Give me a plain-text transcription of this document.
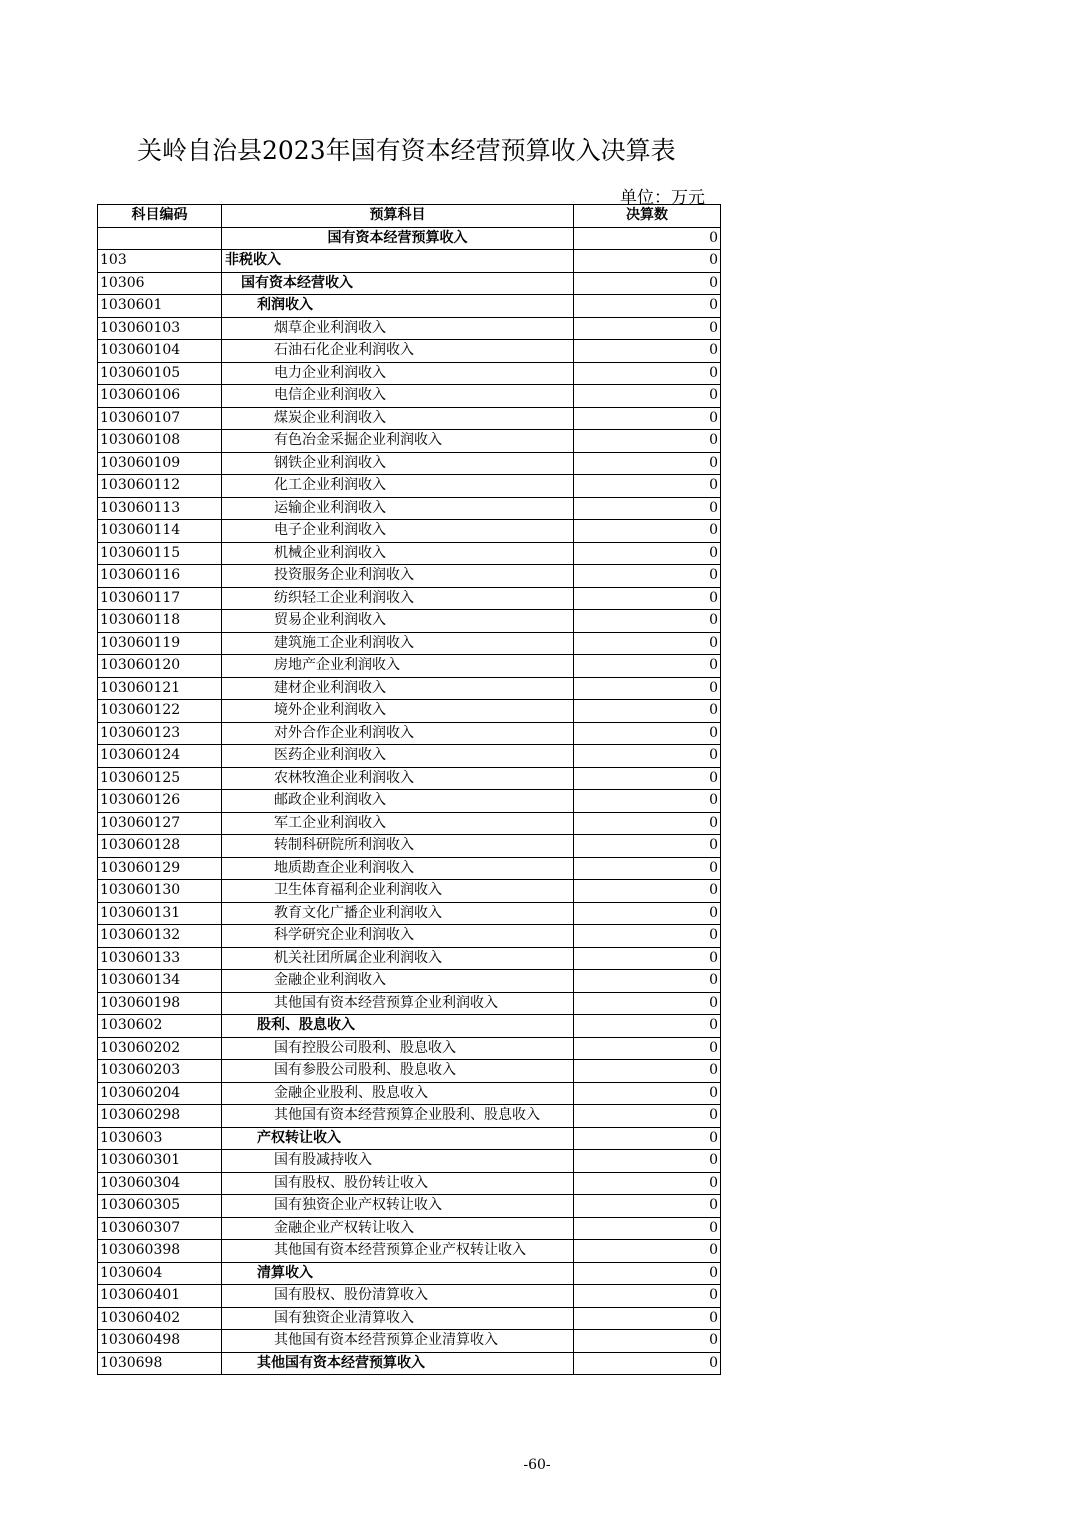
关岭自治县2023年国有资本经营预算收入决算表
单位：万元
科目编码	预算科目	决算数
	国有资本经营预算收入	0
103	非税收入	0
10306	国有资本经营收入	0
1030601	利润收入	0
103060103	烟草企业利润收入	0
103060104	石油石化企业利润收入	0
103060105	电力企业利润收入	0
103060106	电信企业利润收入	0
103060107	煤炭企业利润收入	0
103060108	有色冶金采掘企业利润收入	0
103060109	钢铁企业利润收入	0
103060112	化工企业利润收入	0
103060113	运输企业利润收入	0
103060114	电子企业利润收入	0
103060115	机械企业利润收入	0
103060116	投资服务企业利润收入	0
103060117	纺织轻工企业利润收入	0
103060118	贸易企业利润收入	0
103060119	建筑施工企业利润收入	0
103060120	房地产企业利润收入	0
103060121	建材企业利润收入	0
103060122	境外企业利润收入	0
103060123	对外合作企业利润收入	0
103060124	医药企业利润收入	0
103060125	农林牧渔企业利润收入	0
103060126	邮政企业利润收入	0
103060127	军工企业利润收入	0
103060128	转制科研院所利润收入	0
103060129	地质勘查企业利润收入	0
103060130	卫生体育福利企业利润收入	0
103060131	教育文化广播企业利润收入	0
103060132	科学研究企业利润收入	0
103060133	机关社团所属企业利润收入	0
103060134	金融企业利润收入	0
103060198	其他国有资本经营预算企业利润收入	0
1030602	股利、股息收入	0
103060202	国有控股公司股利、股息收入	0
103060203	国有参股公司股利、股息收入	0
103060204	金融企业股利、股息收入	0
103060298	其他国有资本经营预算企业股利、股息收入	0
1030603	产权转让收入	0
103060301	国有股减持收入	0
103060304	国有股权、股份转让收入	0
103060305	国有独资企业产权转让收入	0
103060307	金融企业产权转让收入	0
103060398	其他国有资本经营预算企业产权转让收入	0
1030604	清算收入	0
103060401	国有股权、股份清算收入	0
103060402	国有独资企业清算收入	0
103060498	其他国有资本经营预算企业清算收入	0
1030698	其他国有资本经营预算收入	0
-60-
